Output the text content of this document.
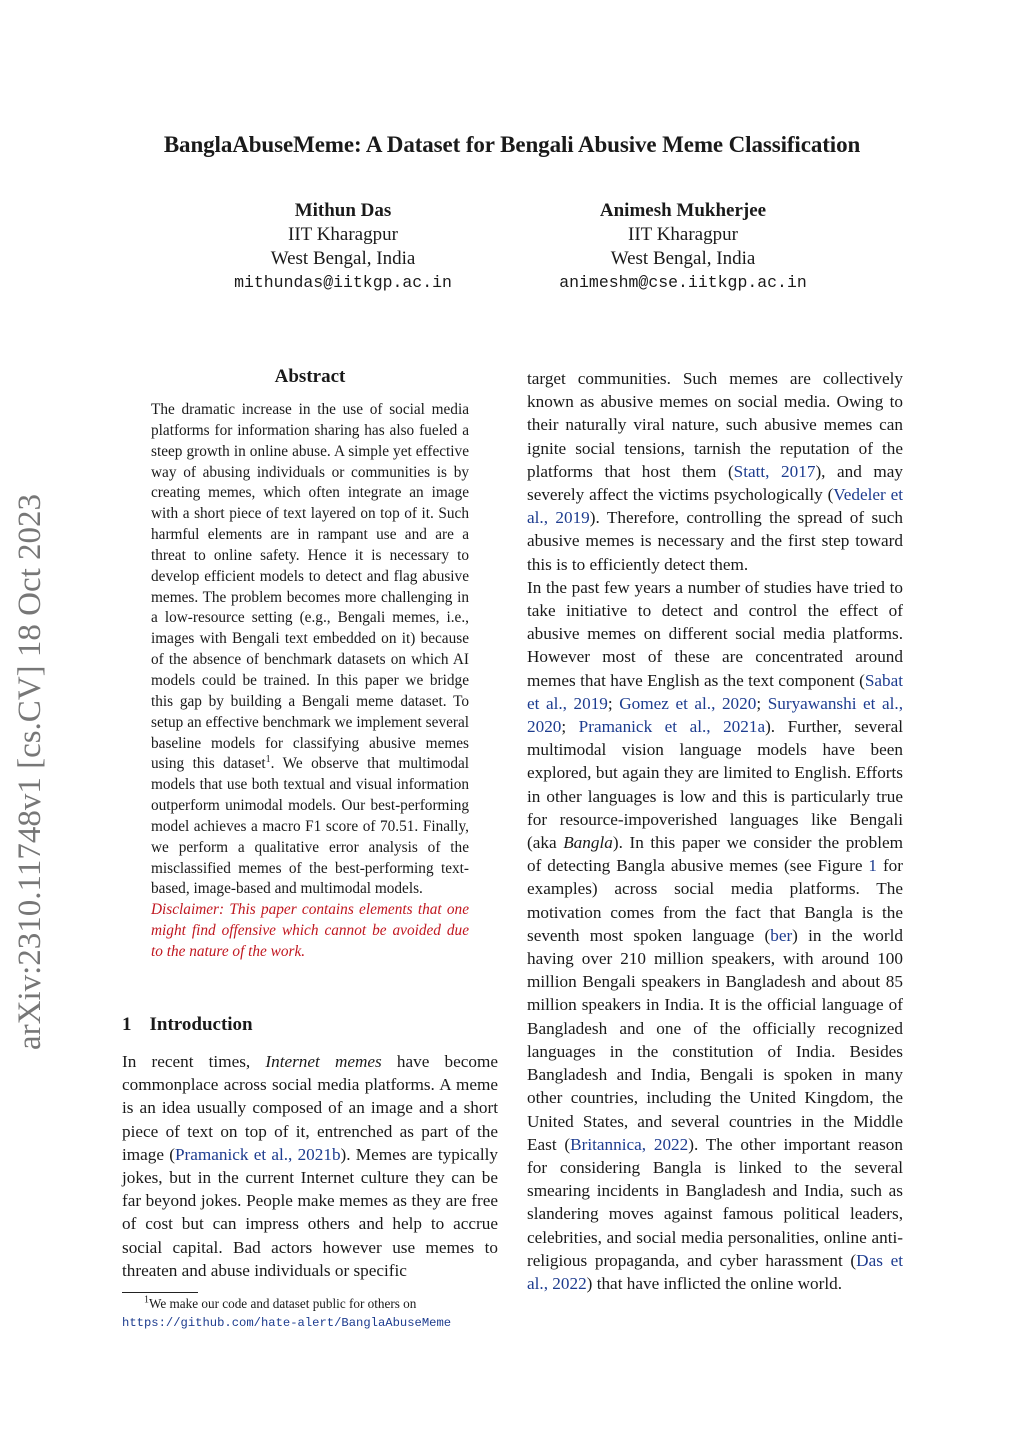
arXiv:2310.11748v1 [cs.CV] 18 Oct 2023
BanglaAbuseMeme: A Dataset for Bengali Abusive Meme Classification
Mithun Das
IIT Kharagpur
West Bengal, India
mithundas@iitkgp.ac.in
Animesh Mukherjee
IIT Kharagpur
West Bengal, India
animeshm@cse.iitkgp.ac.in
Abstract

The dramatic increase in the use of social media platforms for information sharing has also fueled a steep growth in online abuse. A simple yet effective way of abusing individuals or communities is by creating memes, which often integrate an image with a short piece of text layered on top of it. Such harmful elements are in rampant use and are a threat to online safety. Hence it is necessary to develop efficient models to detect and flag abusive memes. The problem becomes more challenging in a low-resource setting (e.g., Bengali memes, i.e., images with Bengali text embedded on it) because of the absence of benchmark datasets on which AI models could be trained. In this paper we bridge this gap by building a Bengali meme dataset. To setup an effective benchmark we implement several baseline models for classifying abusive memes using this dataset$^1$. We observe that multimodal models that use both textual and visual information outperform unimodal models. Our best-performing model achieves a macro F1 score of 70.51. Finally, we perform a qualitative error analysis of the misclassified memes of the best-performing text-based, image-based and multimodal models.

Disclaimer: This paper contains elements that one might find offensive which cannot be avoided due to the nature of the work.

1 Introduction

In recent times, Internet memes have become commonplace across social media platforms. A meme is an idea usually composed of an image and a short piece of text on top of it, entrenched as part of the image (Pramanick et al., 2021b). Memes are typically jokes, but in the current Internet culture they can be far beyond jokes. People make memes as they are free of cost but can impress others and help to accrue social capital. Bad actors however use memes to threaten and abuse individuals or specific

target communities. Such memes are collectively known as abusive memes on social media. Owing to their naturally viral nature, such abusive memes can ignite social tensions, tarnish the reputation of the platforms that host them (Statt, 2017), and may severely affect the victims psychologically (Vedeler et al., 2019). Therefore, controlling the spread of such abusive memes is necessary and the first step toward this is to efficiently detect them.

In the past few years a number of studies have tried to take initiative to detect and control the effect of abusive memes on different social media platforms. However most of these are concentrated around memes that have English as the text component (Sabat et al., 2019; Gomez et al., 2020; Suryawanshi et al., 2020; Pramanick et al., 2021a). Further, several multimodal vision language models have been explored, but again they are limited to English. Efforts in other languages is low and this is particularly true for resource-impoverished languages like Bengali (aka Bangla). In this paper we consider the problem of detecting Bangla abusive memes (see Figure 1 for examples) across social media platforms. The motivation comes from the fact that Bangla is the seventh most spoken language (ber) in the world having over 210 million speakers, with around 100 million Bengali speakers in Bangladesh and about 85 million speakers in India. It is the official language of Bangladesh and one of the officially recognized languages in the constitution of India. Besides Bangladesh and India, Bengali is spoken in many other countries, including the United Kingdom, the United States, and several countries in the Middle East (Britannica, 2022). The other important reason for considering Bangla is linked to the several smearing incidents in Bangladesh and India, such as slandering moves against famous political leaders, celebrities, and social media personalities, online anti-religious propaganda, and cyber harassment (Das et al., 2022) that have inflicted the online world.

$^1$We make our code and dataset public for others on https://github.com/hate-alert/BanglaAbuseMeme
